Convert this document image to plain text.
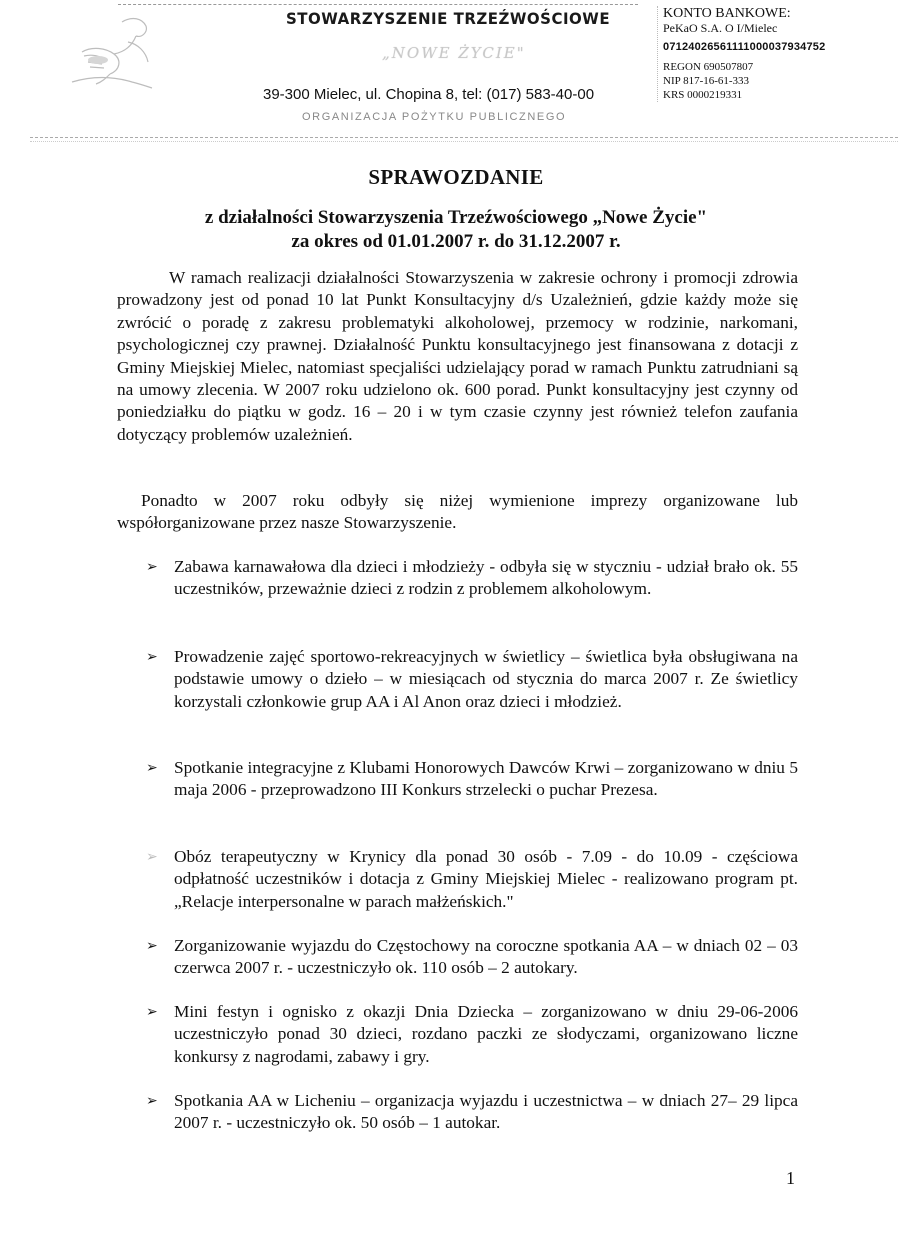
STOWARZYSZENIE TRZEŹWOŚCIOWE
„NOWE ŻYCIE"
39-300 Mielec, ul. Chopina 8, tel: (017) 583-40-00
ORGANIZACJA POŻYTKU PUBLICZNEGO
KONTO BANKOWE:
PeKaO S.A. O I/Mielec
07124026561111000037934752
REGON 690507807
NIP 817-16-61-333
KRS 0000219331
SPRAWOZDANIE
z działalności Stowarzyszenia Trzeźwościowego „Nowe Życie"
za okres od 01.01.2007 r. do 31.12.2007 r.

W ramach realizacji działalności Stowarzyszenia w zakresie ochrony i promocji zdrowia prowadzony jest od ponad 10 lat Punkt Konsultacyjny d/s Uzależnień, gdzie każdy może się zwrócić o poradę z zakresu problematyki alkoholowej, przemocy w rodzinie, narkomani, psychologicznej czy prawnej. Działalność Punktu konsultacyjnego jest finansowana z dotacji z Gminy Miejskiej Mielec, natomiast specjaliści udzielający porad w ramach Punktu zatrudniani są na umowy zlecenia. W 2007 roku udzielono ok. 600 porad. Punkt konsultacyjny jest czynny od poniedziałku do piątku w godz. 16 – 20 i w tym czasie czynny jest również telefon zaufania dotyczący problemów uzależnień.

Ponadto w 2007 roku odbyły się niżej wymienione imprezy organizowane lub współorganizowane przez nasze Stowarzyszenie.

➢ Zabawa karnawałowa dla dzieci i młodzieży - odbyła się w styczniu - udział brało ok. 55 uczestników, przeważnie dzieci z rodzin z problemem alkoholowym.
➢ Prowadzenie zajęć sportowo-rekreacyjnych w świetlicy – świetlica była obsługiwana na podstawie umowy o dzieło – w miesiącach od stycznia do marca 2007 r. Ze świetlicy korzystali członkowie grup AA i Al Anon oraz dzieci i młodzież.
➢ Spotkanie integracyjne z Klubami Honorowych Dawców Krwi – zorganizowano w dniu 5 maja 2006 - przeprowadzono III Konkurs strzelecki o puchar Prezesa.
➢ Obóz terapeutyczny w Krynicy dla ponad 30 osób - 7.09 - do 10.09 - częściowa odpłatność uczestników i dotacja z Gminy Miejskiej Mielec - realizowano program pt. „Relacje interpersonalne w parach małżeńskich."
➢ Zorganizowanie wyjazdu do Częstochowy na coroczne spotkania AA – w dniach 02 – 03 czerwca 2007 r. - uczestniczyło ok. 110 osób – 2 autokary.
➢ Mini festyn i ognisko z okazji Dnia Dziecka – zorganizowano w dniu 29-06-2006 uczestniczyło ponad 30 dzieci, rozdano paczki ze słodyczami, organizowano liczne konkursy z nagrodami, zabawy i gry.
➢ Spotkania AA w Licheniu – organizacja wyjazdu i uczestnictwa – w dniach 27– 29 lipca 2007 r. - uczestniczyło ok. 50 osób – 1 autokar.
1
